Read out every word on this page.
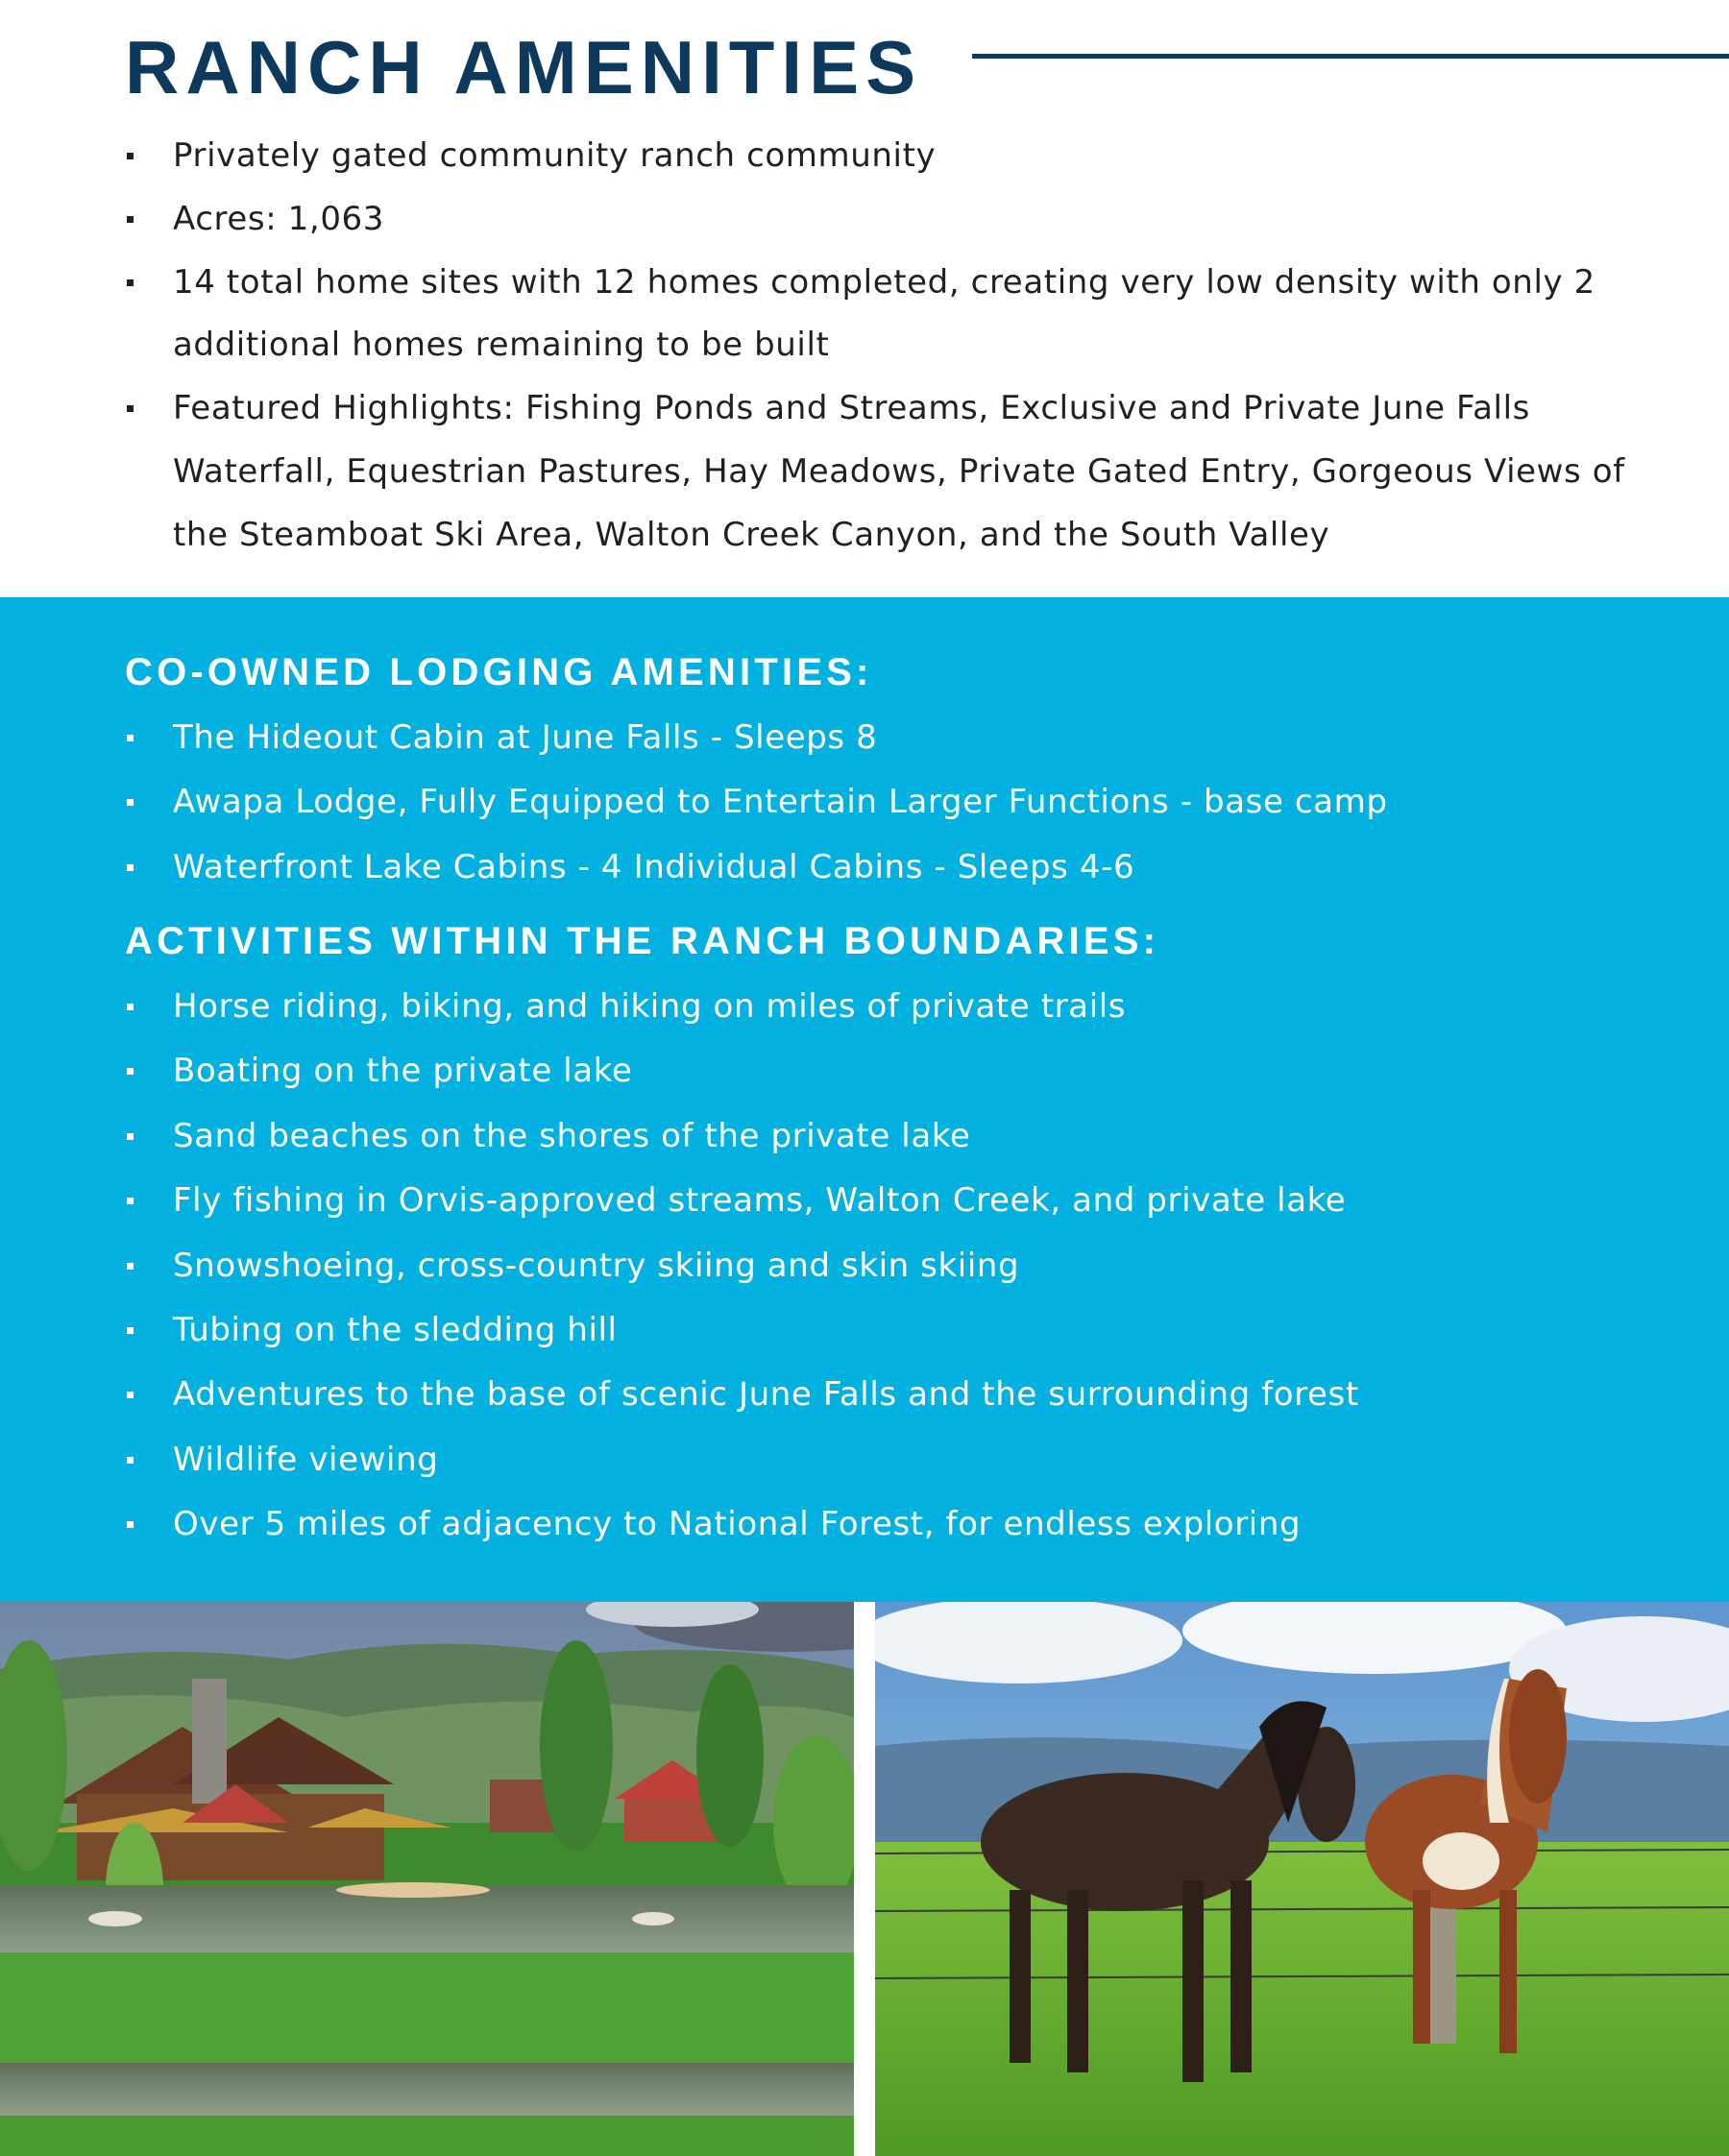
RANCH AMENITIES
Privately gated community ranch community
Acres: 1,063
14 total home sites with 12 homes completed, creating very low density with only 2 additional homes remaining to be built
Featured Highlights: Fishing Ponds and Streams, Exclusive and Private June Falls Waterfall, Equestrian Pastures, Hay Meadows, Private Gated Entry, Gorgeous Views of the Steamboat Ski Area, Walton Creek Canyon, and the South Valley
CO-OWNED LODGING AMENITIES:
The Hideout Cabin at June Falls - Sleeps 8
Awapa Lodge, Fully Equipped to Entertain Larger Functions - base camp
Waterfront Lake Cabins - 4 Individual Cabins - Sleeps 4-6
ACTIVITIES WITHIN THE RANCH BOUNDARIES:
Horse riding, biking, and hiking on miles of private trails
Boating on the private lake
Sand beaches on the shores of the private lake
Fly fishing in Orvis-approved streams, Walton Creek, and private lake
Snowshoeing, cross-country skiing and skin skiing
Tubing on the sledding hill
Adventures to the base of scenic June Falls and the surrounding forest
Wildlife viewing
Over 5 miles of adjacency to National Forest, for endless exploring
